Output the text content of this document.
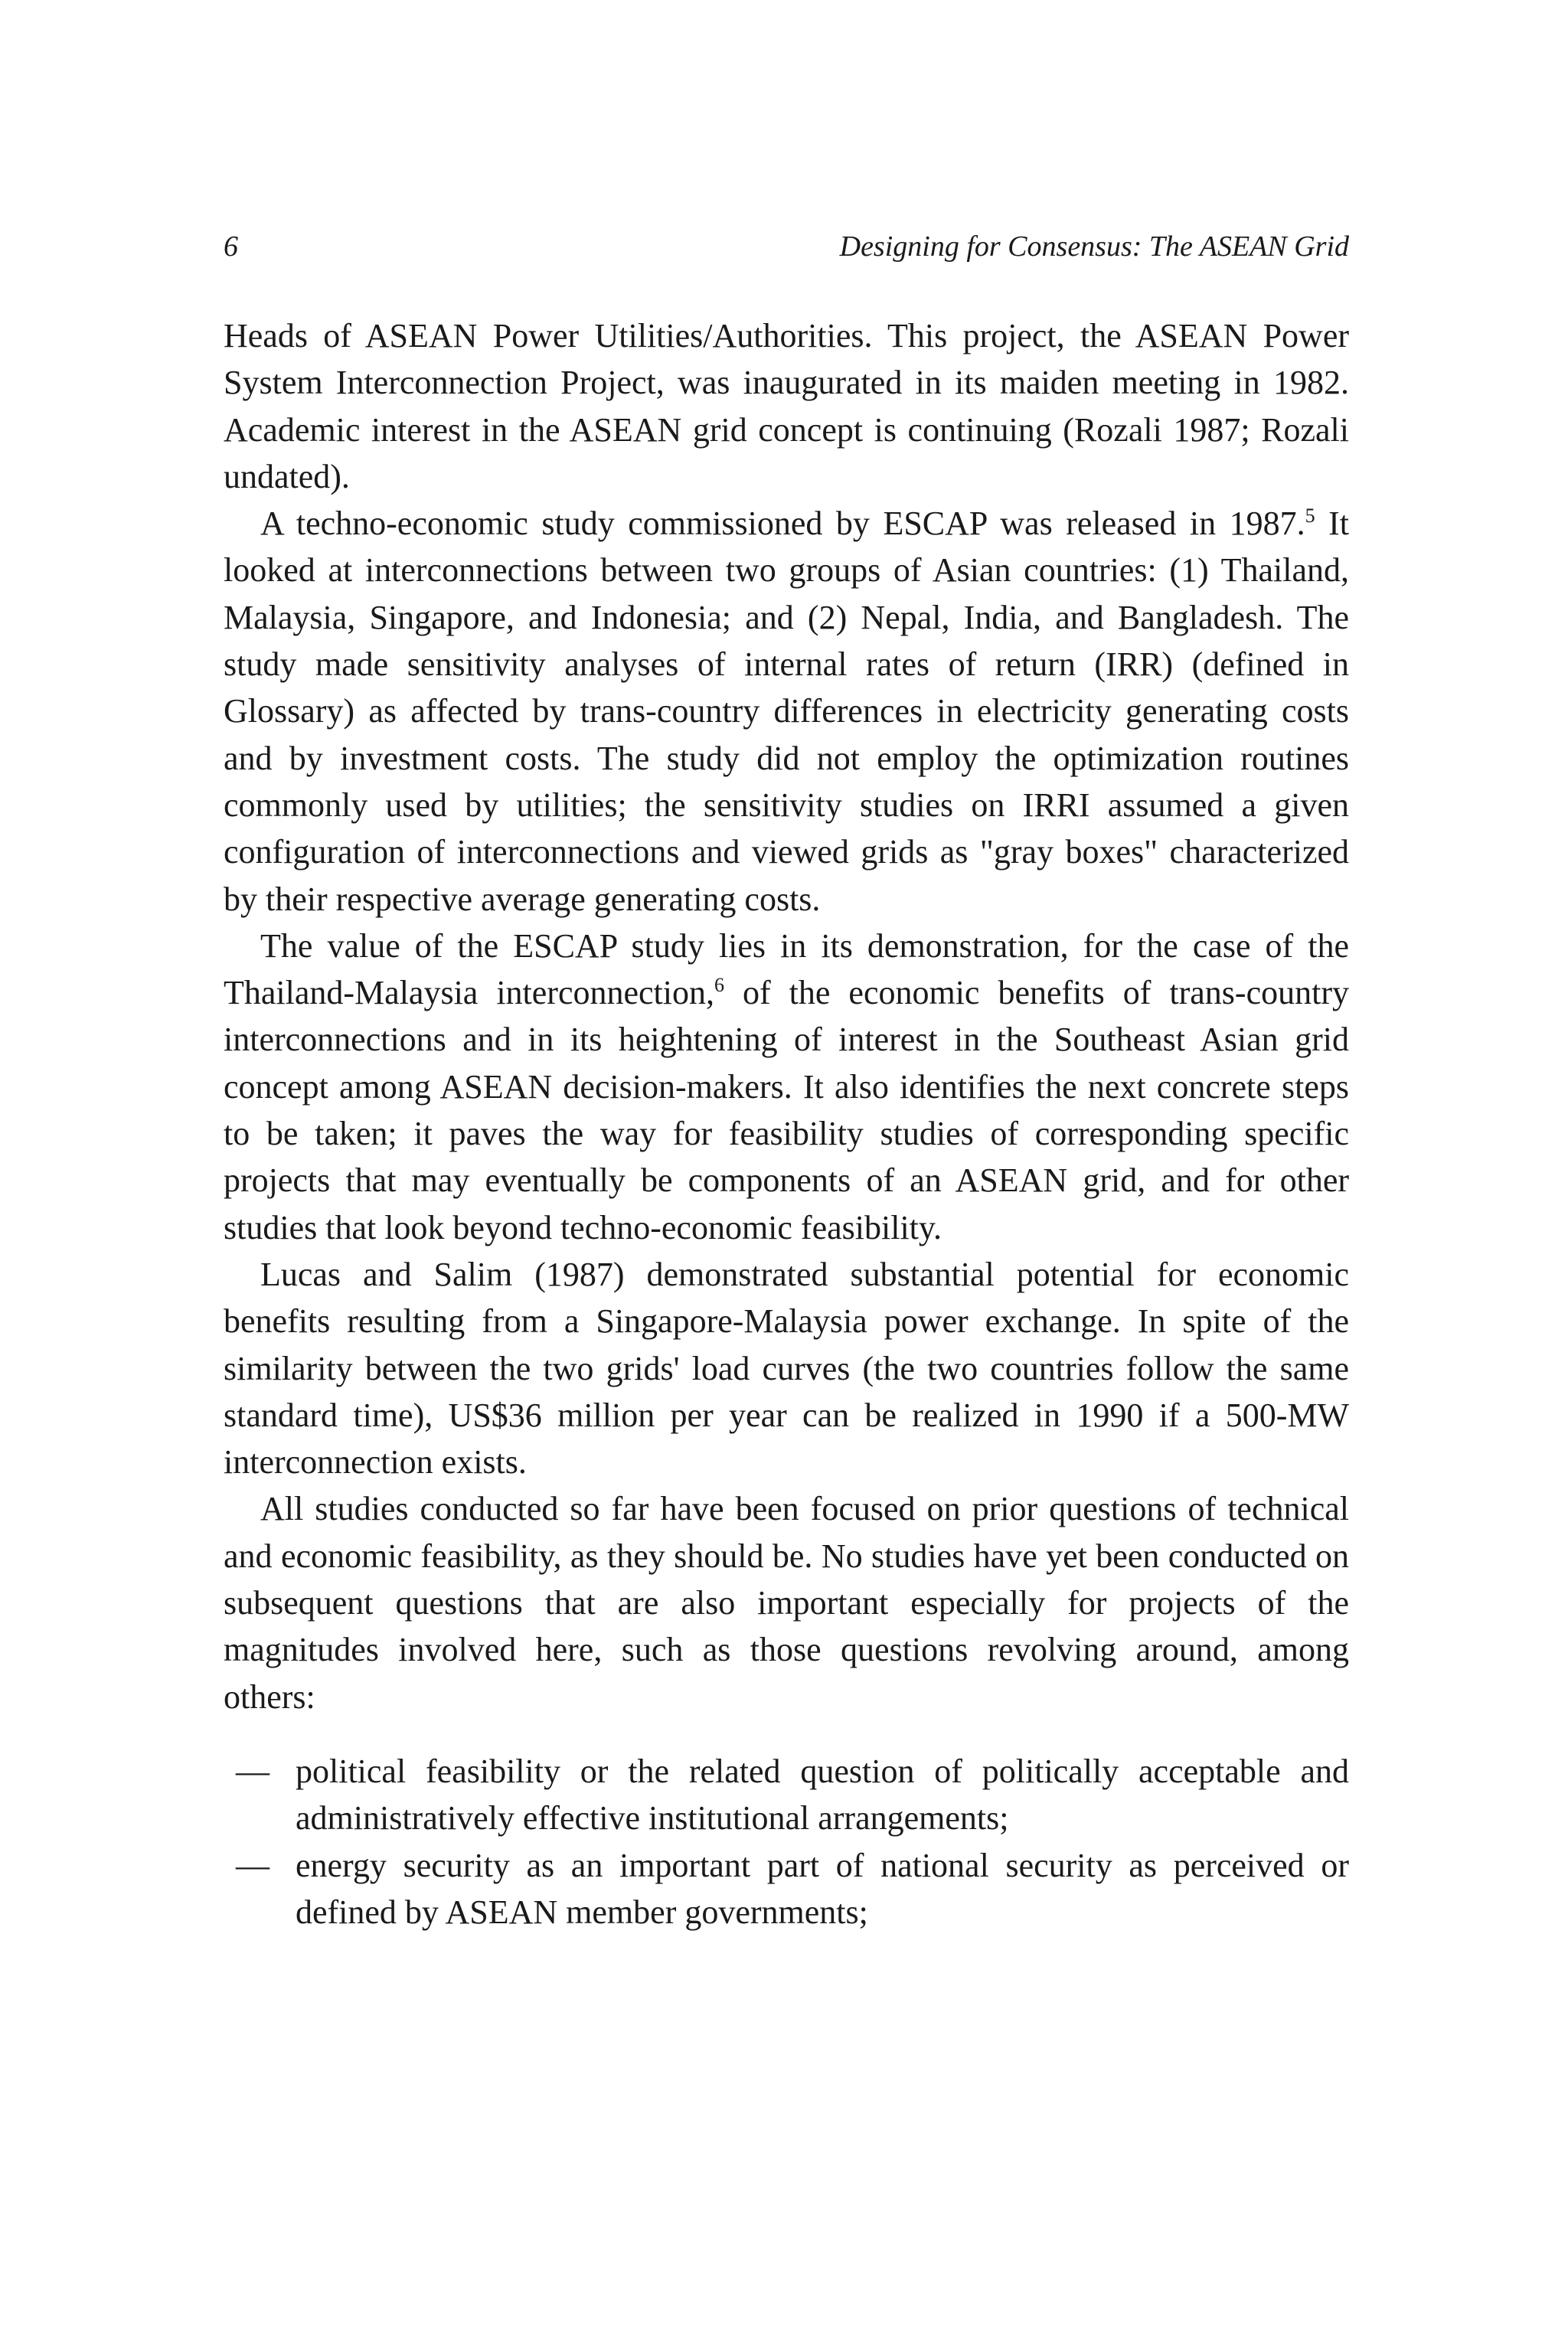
6	Designing for Consensus: The ASEAN Grid

Heads of ASEAN Power Utilities/Authorities. This project, the ASEAN Power System Interconnection Project, was inaugurated in its maiden meeting in 1982. Academic interest in the ASEAN grid concept is continuing (Rozali 1987; Rozali undated).

A techno-economic study commissioned by ESCAP was released in 1987.$^5$ It looked at interconnections between two groups of Asian countries: (1) Thailand, Malaysia, Singapore, and Indonesia; and (2) Nepal, India, and Bangladesh. The study made sensitivity analyses of internal rates of return (IRR) (defined in Glossary) as affected by trans-country differences in electricity generating costs and by investment costs. The study did not employ the optimization routines commonly used by utilities; the sensitivity studies on IRRI assumed a given configuration of interconnections and viewed grids as "gray boxes" characterized by their respective average generating costs.

The value of the ESCAP study lies in its demonstration, for the case of the Thailand-Malaysia interconnection,$^6$ of the economic benefits of trans-country interconnections and in its heightening of interest in the Southeast Asian grid concept among ASEAN decision-makers. It also identifies the next concrete steps to be taken; it paves the way for feasibility studies of corresponding specific projects that may eventually be components of an ASEAN grid, and for other studies that look beyond techno-economic feasibility.

Lucas and Salim (1987) demonstrated substantial potential for economic benefits resulting from a Singapore-Malaysia power exchange. In spite of the similarity between the two grids' load curves (the two countries follow the same standard time), US$36 million per year can be realized in 1990 if a 500-MW interconnection exists.

All studies conducted so far have been focused on prior questions of technical and economic feasibility, as they should be. No studies have yet been conducted on subsequent questions that are also important especially for projects of the magnitudes involved here, such as those questions revolving around, among others:

— political feasibility or the related question of politically acceptable and administratively effective institutional arrangements;
— energy security as an important part of national security as perceived or defined by ASEAN member governments;
